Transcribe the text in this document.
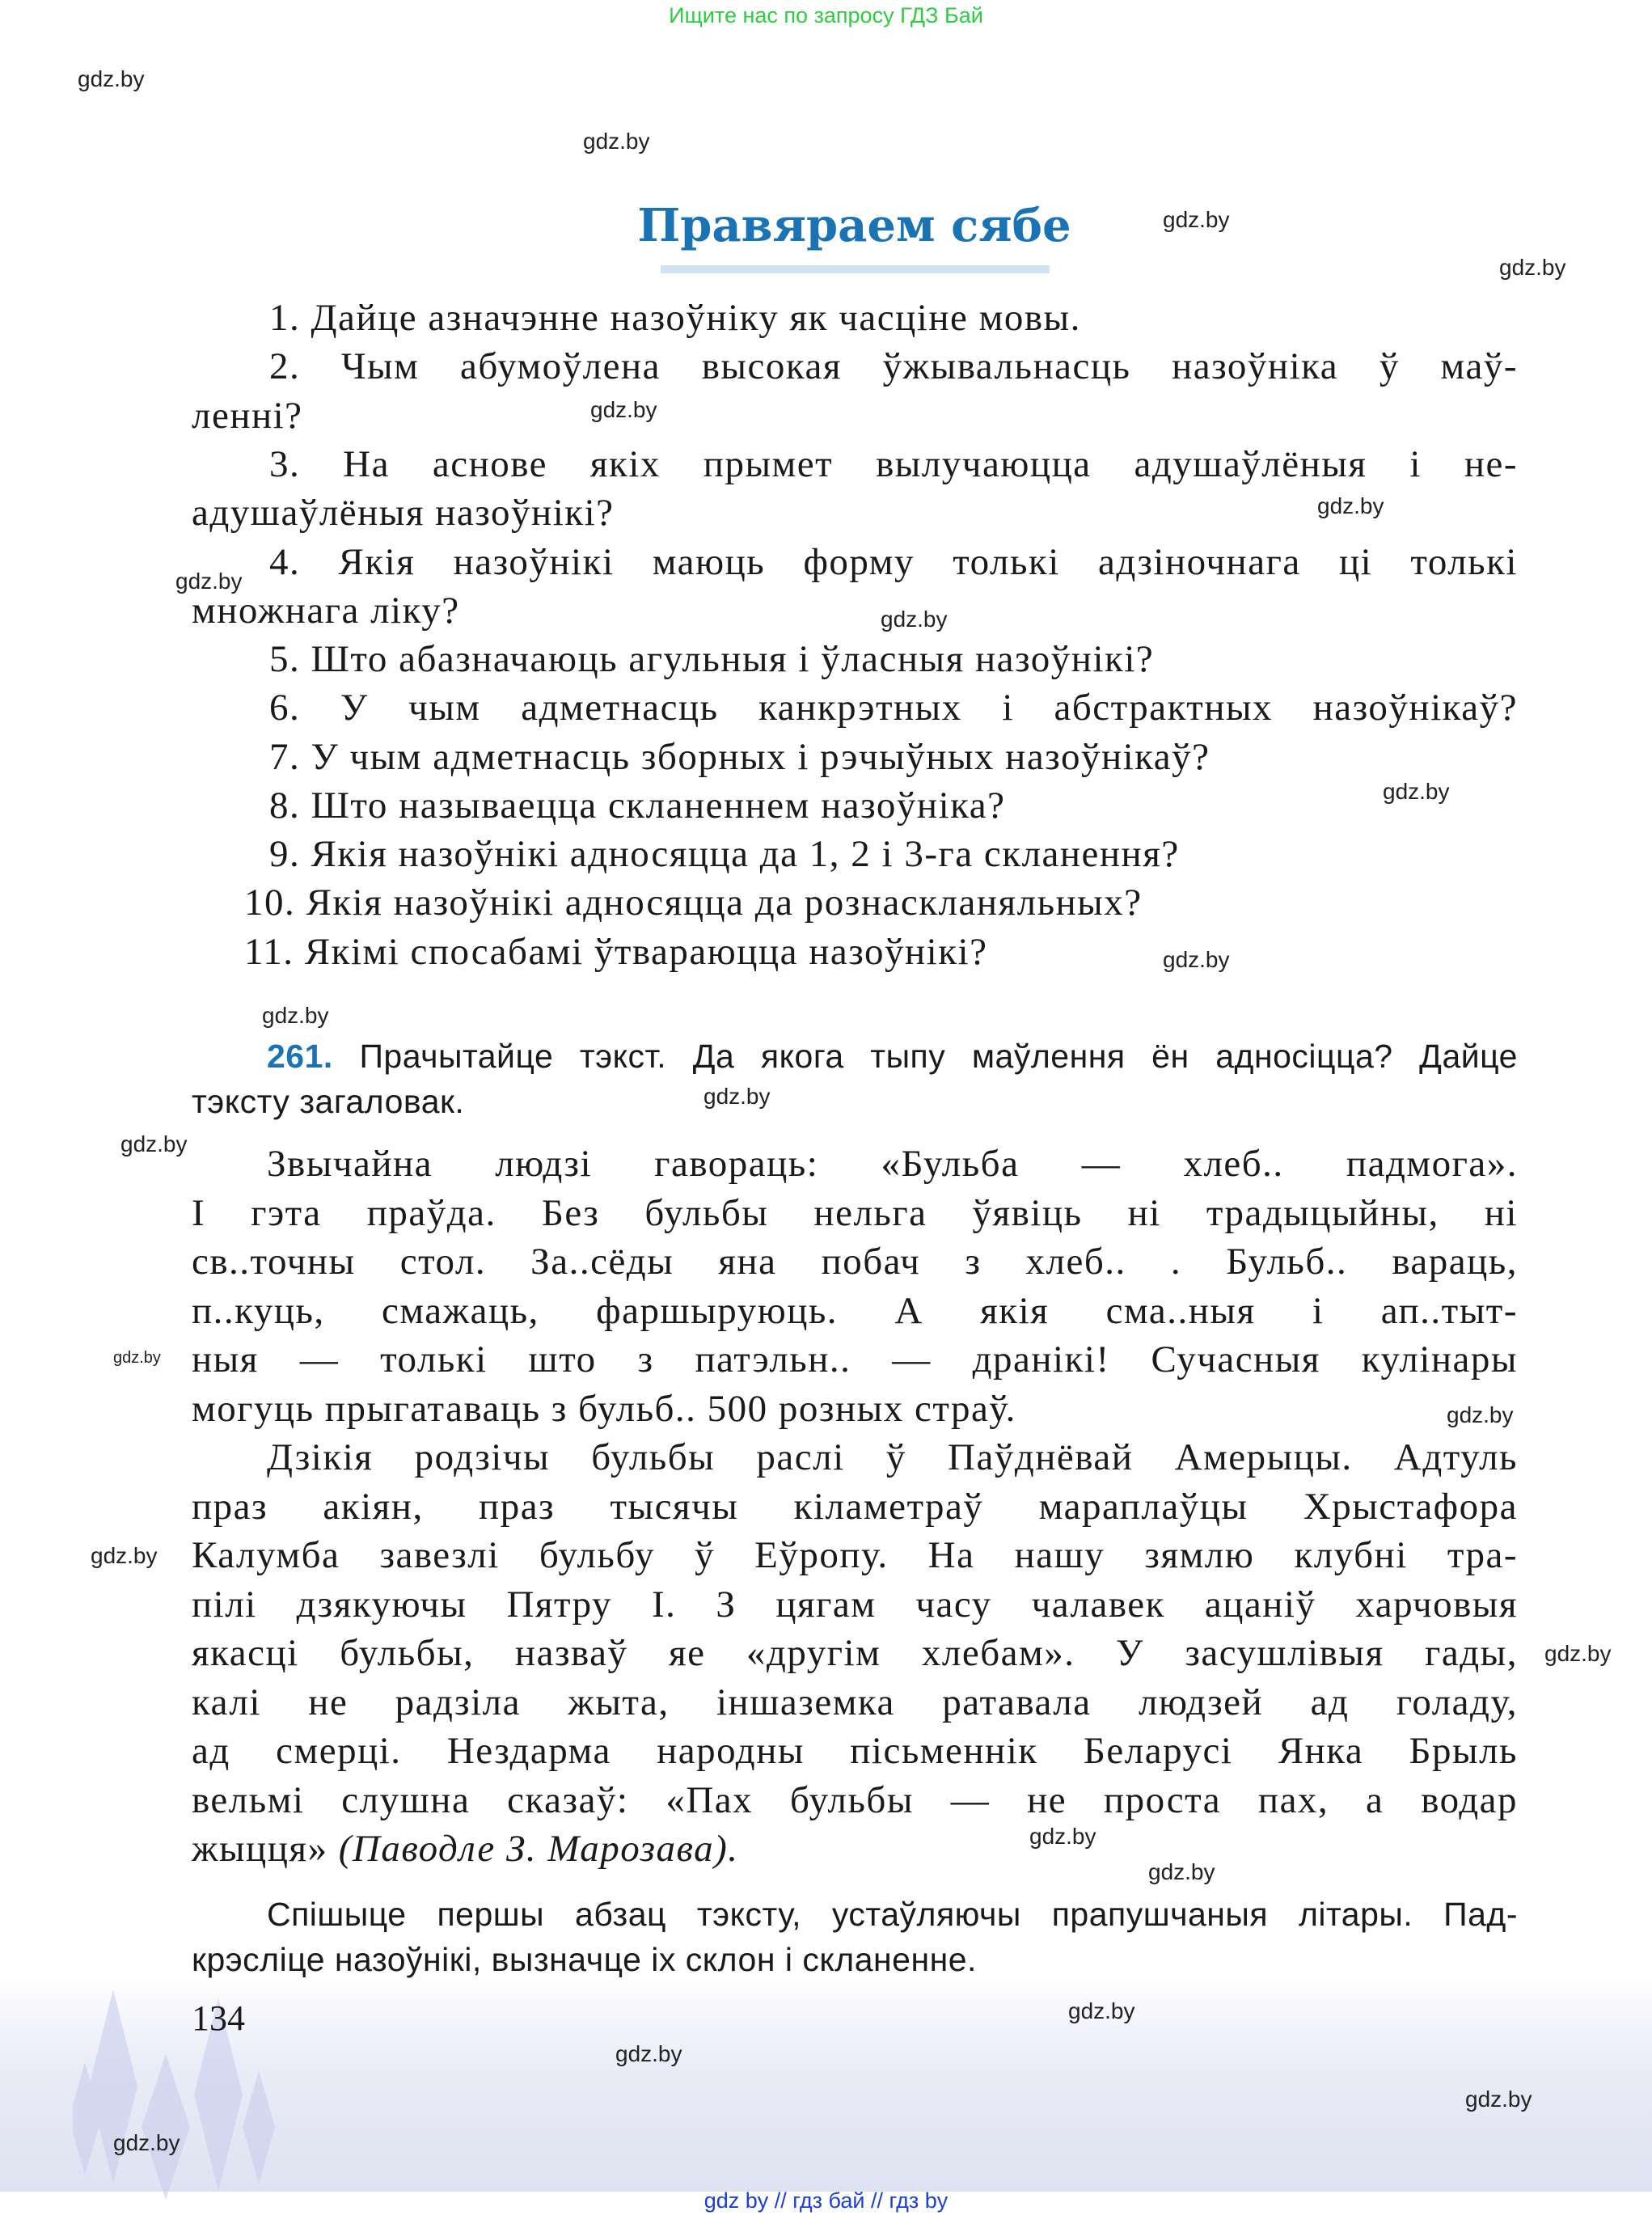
Ищите нас по запросу ГДЗ Бай
Правяраем сябе
1. Дайце азначэнне назоўніку як часціне мовы.
2. Чым абумоўлена высокая ўжывальнасць назоўніка ў маў-
ленні?
3. На аснове якіх прымет вылучаюцца адушаўлёныя і не-
адушаўлёныя назоўнікі?
4. Якія назоўнікі маюць форму толькі адзіночнага ці толькі
множнага ліку?
5. Што абазначаюць агульныя і ўласныя назоўнікі?
6. У чым адметнасць канкрэтных і абстрактных назоўнікаў?
7. У чым адметнасць зборных і рэчыўных назоўнікаў?
8. Што называецца скланеннем назоўніка?
9. Якія назоўнікі адносяцца да 1, 2 і 3-га скланення?
10. Якія назоўнікі адносяцца да рознаскланяльных?
11. Якімі спосабамі ўтвараюцца назоўнікі?
261. Прачытайце тэкст. Да якога тыпу маўлення ён адносіцца? Дайце
тэксту загаловак.
Звычайна людзі гавораць: «Бульба — хлеб.. падмога».
І гэта праўда. Без бульбы нельга ўявіць ні традыцыйны, ні
св..точны стол. За..сёды яна побач з хлеб.. . Бульб.. вараць,
п..куць, смажаць, фаршыруюць. А якія сма..ныя і ап..тыт-
ныя — толькі што з патэльн.. — дранікі! Сучасныя кулінары
могуць прыгатаваць з бульб.. 500 розных страў.
Дзікія родзічы бульбы раслі ў Паўднёвай Амерыцы. Адтуль
праз акіян, праз тысячы кіламетраў мараплаўцы Хрыстафора
Калумба завезлі бульбу ў Еўропу. На нашу зямлю клубні тра-
пілі дзякуючы Пятру І. З цягам часу чалавек ацаніў харчовыя
якасці бульбы, назваў яе «другім хлебам». У засушлівыя гады,
калі не радзіла жыта, іншаземка ратавала людзей ад голаду,
ад смерці. Нездарма народны пісьменнік Беларусі Янка Брыль
вельмі слушна сказаў: «Пах бульбы — не проста пах, а водар
жыцця» (Паводле З. Марозава).
Спішыце першы абзац тэксту, устаўляючы прапушчаныя літары. Пад-
крэсліце назоўнікі, вызначце іх склон і скланенне.
134
gdz.by
gdz.by
gdz.by
gdz.by
gdz.by
gdz.by
gdz.by
gdz.by
gdz.by
gdz.by
gdz.by
gdz.by
gdz.by
gdz.by
gdz.by
gdz.by
gdz.by
gdz.by
gdz.by
gdz.by
gdz.by
gdz.by
gdz.by
gdz by // гдз бай // гдз by
